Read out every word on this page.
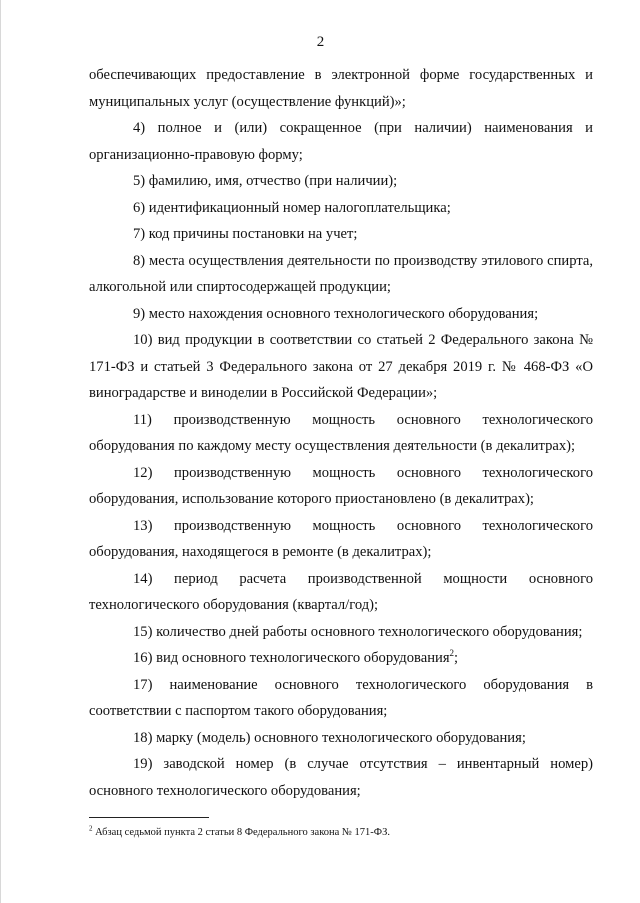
2

обеспечивающих предоставление в электронной форме государственных и муниципальных услуг (осуществление функций)»;

4) полное и (или) сокращенное (при наличии) наименования и организационно-правовую форму;

5) фамилию, имя, отчество (при наличии);

6) идентификационный номер налогоплательщика;

7) код причины постановки на учет;

8) места осуществления деятельности по производству этилового спирта, алкогольной или спиртосодержащей продукции;

9) место нахождения основного технологического оборудования;

10) вид продукции в соответствии со статьей 2 Федерального закона № 171-ФЗ и статьей 3 Федерального закона от 27 декабря 2019 г. № 468-ФЗ «О виноградарстве и виноделии в Российской Федерации»;

11) производственную мощность основного технологического оборудования по каждому месту осуществления деятельности (в декалитрах);

12) производственную мощность основного технологического оборудования, использование которого приостановлено (в декалитрах);

13) производственную мощность основного технологического оборудования, находящегося в ремонте (в декалитрах);

14) период расчета производственной мощности основного технологического оборудования (квартал/год);

15) количество дней работы основного технологического оборудования;

16) вид основного технологического оборудования$^2$;

17) наименование основного технологического оборудования в соответствии с паспортом такого оборудования;

18) марку (модель) основного технологического оборудования;

19) заводской номер (в случае отсутствия – инвентарный номер) основного технологического оборудования;

$^2$ Абзац седьмой пункта 2 статьи 8 Федерального закона № 171-ФЗ.
